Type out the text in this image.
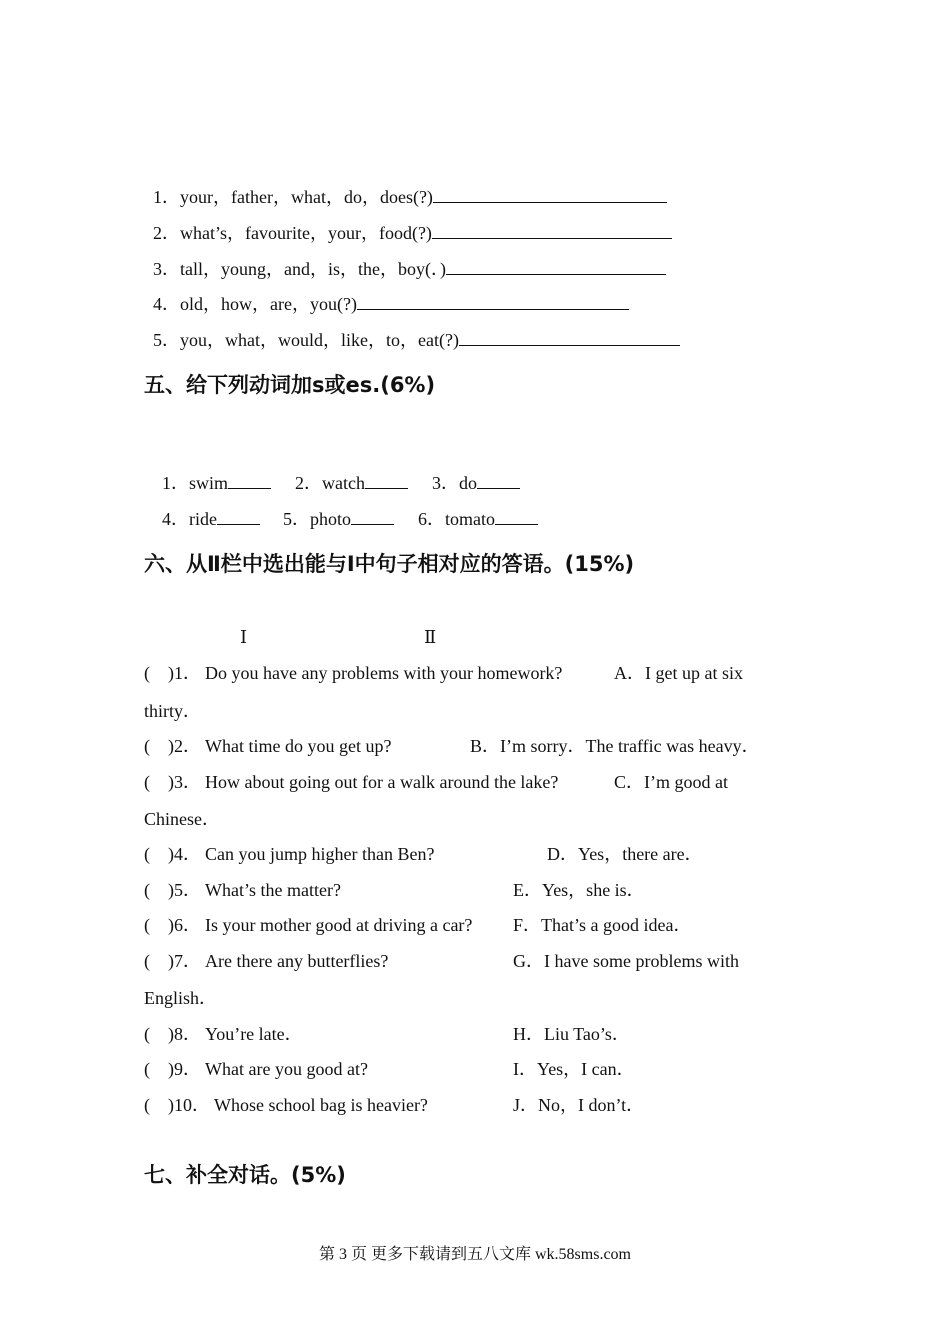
1．your，father，what，do，does(?)

2．what’s，favourite，your，food(?)

3．tall，young，and，is，the，boy(．)

4．old，how，are，you(?)

5．you，what，would，like，to，eat(?)

五、给下列动词加s或es.(6%)

1．swim	2．watch	3．do

4．ride	5．photo	6．tomato

六、从Ⅱ栏中选出能与Ⅰ中句子相对应的答语。(15%)
Ⅰ	Ⅱ
(    )1． Do you have any problems with your homework?	A．I get up at six
thirty．
(    )2． What time do you get up?	B．I’m sorry．The traffic was heavy．
(    )3． How about going out for a walk around the lake?	C．I’m good at
Chinese．
(    )4． Can you jump higher than Ben?	D．Yes，there are．
(    )5． What’s the matter?	E．Yes，she is．
(    )6． Is your mother good at driving a car? F．That’s a good idea．
(    )7． Are there any butterflies?	G．I have some problems with
English．
(    )8． You’re late．	H．Liu Tao’s．
(    )9． What are you good at?	I．Yes，I can．
(    )10． Whose school bag is heavier?	J．No，I don’t．
七、补全对话。(5%)
第 3 页 更多下载请到五八文库 wk.58sms.com
